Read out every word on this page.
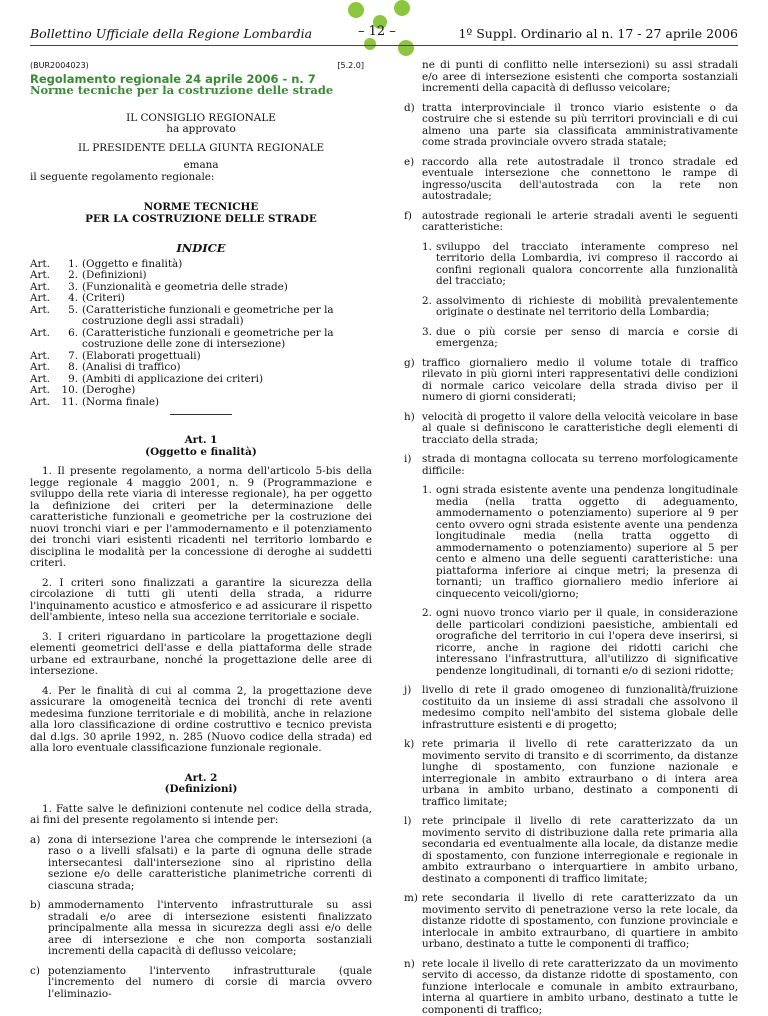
Bollettino Ufficiale della Regione Lombardia	– 12 –	1º Suppl. Ordinario al n. 17 - 27 aprile 2006
(BUR2004023)	[5.2.0]
Regolamento regionale 24 aprile 2006 - n. 7
Norme tecniche per la costruzione delle strade
IL CONSIGLIO REGIONALE
ha approvato
IL PRESIDENTE DELLA GIUNTA REGIONALE
emana
il seguente regolamento regionale:
NORME TECNICHE
PER LA COSTRUZIONE DELLE STRADE
INDICE
Art.	1. (Oggetto e finalità)
Art.	2. (Definizioni)
Art.	3. (Funzionalità e geometria delle strade)
Art.	4. (Criteri)
Art.	5. (Caratteristiche funzionali e geometriche per la costruzione degli assi stradali)
Art.	6. (Caratteristiche funzionali e geometriche per la costruzione delle zone di intersezione)
Art.	7. (Elaborati progettuali)
Art.	8. (Analisi di traffico)
Art.	9. (Ambiti di applicazione dei criteri)
Art.	10. (Deroghe)
Art.	11. (Norma finale)
Art. 1
(Oggetto e finalità)

1. Il presente regolamento, a norma dell'articolo 5-bis della legge regionale 4 maggio 2001, n. 9 (Programmazione e sviluppo della rete viaria di interesse regionale), ha per oggetto la definizione dei criteri per la determinazione delle caratteristiche funzionali e geometriche per la costruzione dei nuovi tronchi viari e per l'ammodernamento e il potenziamento dei tronchi viari esistenti ricadenti nel territorio lombardo e disciplina le modalità per la concessione di deroghe ai suddetti criteri.

2. I criteri sono finalizzati a garantire la sicurezza della circolazione di tutti gli utenti della strada, a ridurre l'inquinamento acustico e atmosferico e ad assicurare il rispetto dell'ambiente, inteso nella sua accezione territoriale e sociale.

3. I criteri riguardano in particolare la progettazione degli elementi geometrici dell'asse e della piattaforma delle strade urbane ed extraurbane, nonché la progettazione delle aree di intersezione.

4. Per le finalità di cui al comma 2, la progettazione deve assicurare la omogeneità tecnica dei tronchi di rete aventi medesima funzione territoriale e di mobilità, anche in relazione alla loro classificazione di ordine costruttivo e tecnico prevista dal d.lgs. 30 aprile 1992, n. 285 (Nuovo codice della strada) ed alla loro eventuale classificazione funzionale regionale.

Art. 2
(Definizioni)

1. Fatte salve le definizioni contenute nel codice della strada, ai fini del presente regolamento si intende per:

a) zona di intersezione l'area che comprende le intersezioni (a raso o a livelli sfalsati) e la parte di ognuna delle strade intersecantesi dall'intersezione sino al ripristino della sezione e/o delle caratteristiche planimetriche correnti di ciascuna strada;
b) ammodernamento l'intervento infrastrutturale su assi stradali e/o aree di intersezione esistenti finalizzato principalmente alla messa in sicurezza degli assi e/o delle aree di intersezione e che non comporta sostanziali incrementi della capacità di deflusso veicolare;
c) potenziamento l'intervento infrastrutturale (quale l'incremento del numero di corsie di marcia ovvero l'eliminazio-

ne di punti di conflitto nelle intersezioni) su assi stradali e/o aree di intersezione esistenti che comporta sostanziali incrementi della capacità di deflusso veicolare;

d) tratta interprovinciale il tronco viario esistente o da costruire che si estende su più territori provinciali e di cui almeno una parte sia classificata amministrativamente come strada provinciale ovvero strada statale;
e) raccordo alla rete autostradale il tronco stradale ed eventuale intersezione che connettono le rampe di ingresso/uscita dell'autostrada con la rete non autostradale;
f) autostrade regionali le arterie stradali aventi le seguenti caratteristiche:
1. sviluppo del tracciato interamente compreso nel territorio della Lombardia, ivi compreso il raccordo ai confini regionali qualora concorrente alla funzionalità del tracciato;
2. assolvimento di richieste di mobilità prevalentemente originate o destinate nel territorio della Lombardia;
3. due o più corsie per senso di marcia e corsie di emergenza;
g) traffico giornaliero medio il volume totale di traffico rilevato in più giorni interi rappresentativi delle condizioni di normale carico veicolare della strada diviso per il numero di giorni considerati;
h) velocità di progetto il valore della velocità veicolare in base al quale si definiscono le caratteristiche degli elementi di tracciato della strada;
i)	strada di montagna collocata su terreno morfologicamente difficile:
1. ogni strada esistente avente una pendenza longitudinale media (nella tratta oggetto di adeguamento, ammodernamento o potenziamento) superiore al 9 per cento ovvero ogni strada esistente avente una pendenza longitudinale media (nella tratta oggetto di ammodernamento o potenziamento) superiore al 5 per cento e almeno una delle seguenti caratteristiche: una piattaforma inferiore ai cinque metri; la presenza di tornanti; un traffico giornaliero medio inferiore ai cinquecento veicoli/giorno;
2. ogni nuovo tronco viario per il quale, in considerazione delle particolari condizioni paesistiche, ambientali ed orografiche del territorio in cui l'opera deve inserirsi, si ricorre, anche in ragione dei ridotti carichi che interessano l'infrastruttura, all'utilizzo di significative pendenze longitudinali, di tornanti e/o di sezioni ridotte;
j)	livello di rete il grado omogeneo di funzionalità/fruizione costituito da un insieme di assi stradali che assolvono il medesimo compito nell'ambito del sistema globale delle infrastrutture esistenti e di progetto;
k) rete primaria il livello di rete caratterizzato da un movimento servito di transito e di scorrimento, da distanze lunghe di spostamento, con funzione nazionale e interregionale in ambito extraurbano o di intera area urbana in ambito urbano, destinato a componenti di traffico limitate;
l)	rete principale il livello di rete caratterizzato da un movimento servito di distribuzione dalla rete primaria alla secondaria ed eventualmente alla locale, da distanze medie di spostamento, con funzione interregionale e regionale in ambito extraurbano o interquartiere in ambito urbano, destinato a componenti di traffico limitate;
m) rete secondaria il livello di rete caratterizzato da un movimento servito di penetrazione verso la rete locale, da distanze ridotte di spostamento, con funzione provinciale e interlocale in ambito extraurbano, di quartiere in ambito urbano, destinato a tutte le componenti di traffico;
n) rete locale il livello di rete caratterizzato da un movimento servito di accesso, da distanze ridotte di spostamento, con funzione interlocale e comunale in ambito extraurbano, interna al quartiere in ambito urbano, destinato a tutte le componenti di traffico;
